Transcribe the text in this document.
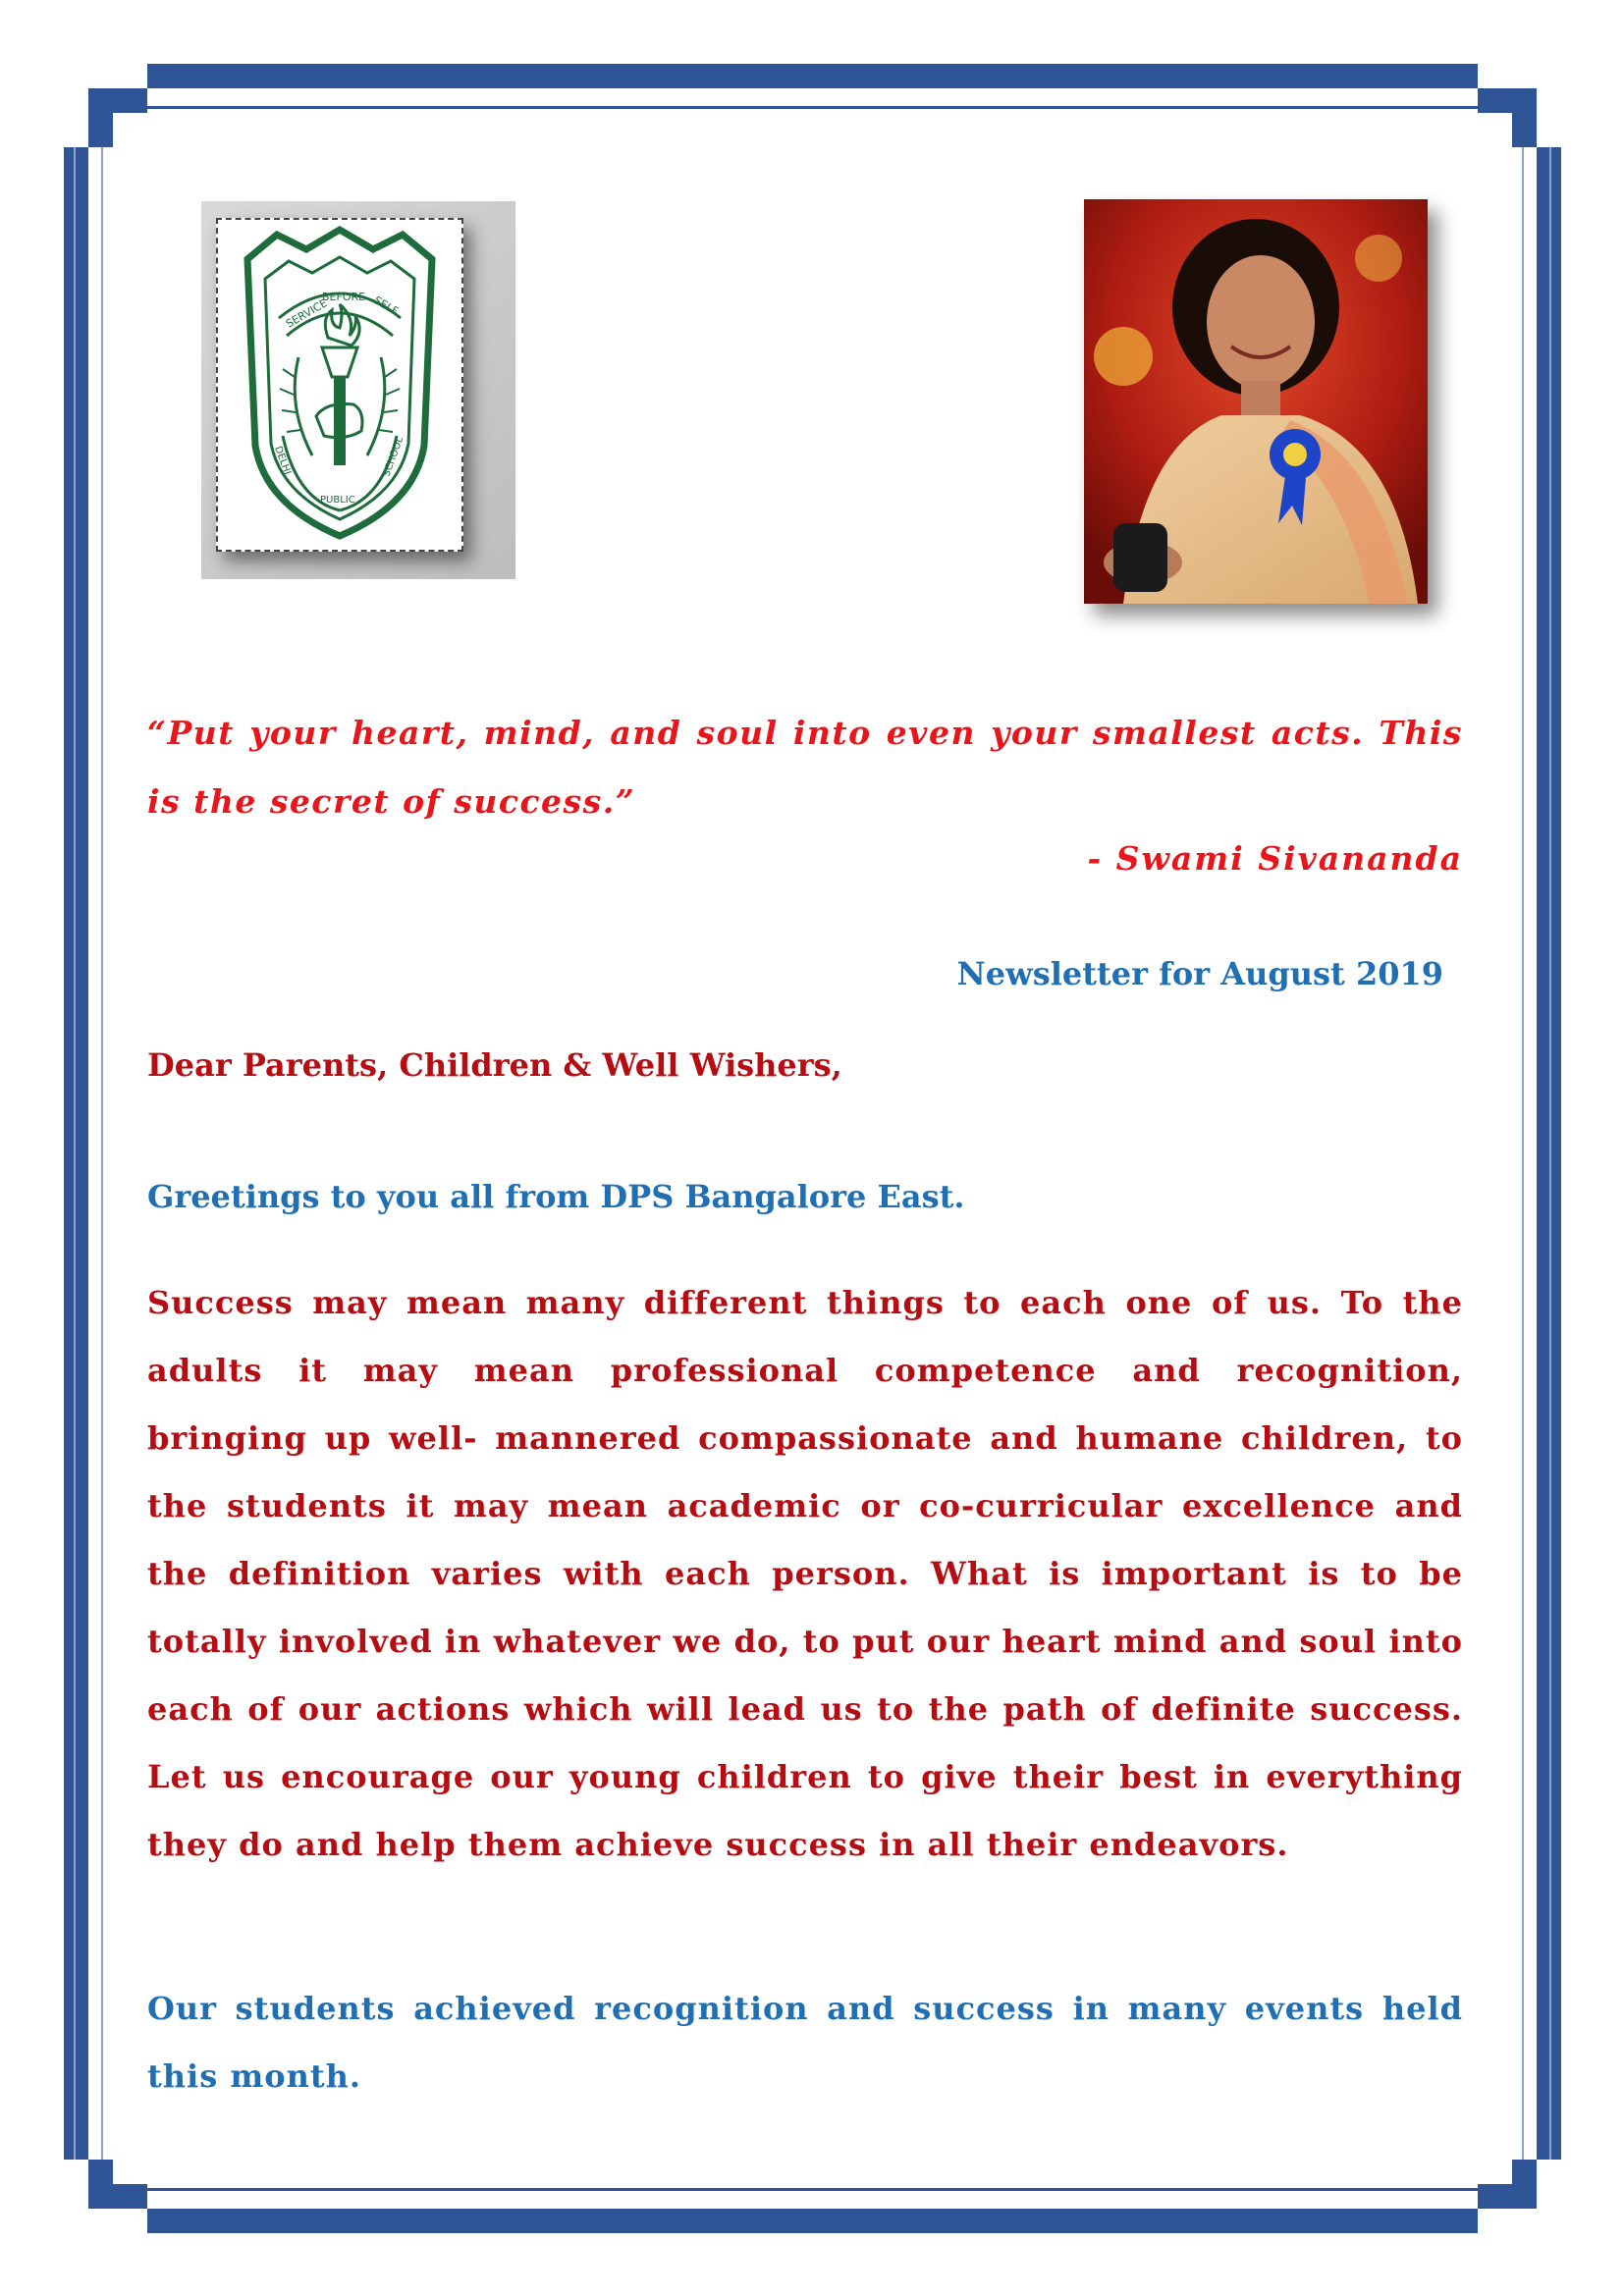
SERVICE
BEFORE SELF
DELHI
PUBLIC
SCHOOL
“Put your heart, mind, and soul into even your smallest acts. This is the secret of success.”
- Swami Sivananda
Newsletter for August 2019
Dear Parents, Children & Well Wishers,
Greetings to you all from DPS Bangalore East.
Success may mean many different things to each one of us. To the adults it may mean professional competence and recognition, bringing up well- mannered compassionate and humane children, to the students it may mean academic or co-curricular excellence and the definition varies with each person. What is important is to be totally involved in whatever we do, to put our heart mind and soul into each of our actions which will lead us to the path of definite success. Let us encourage our young children to give their best in everything they do and help them achieve success in all their endeavors.
Our students achieved recognition and success in many events held this month.
